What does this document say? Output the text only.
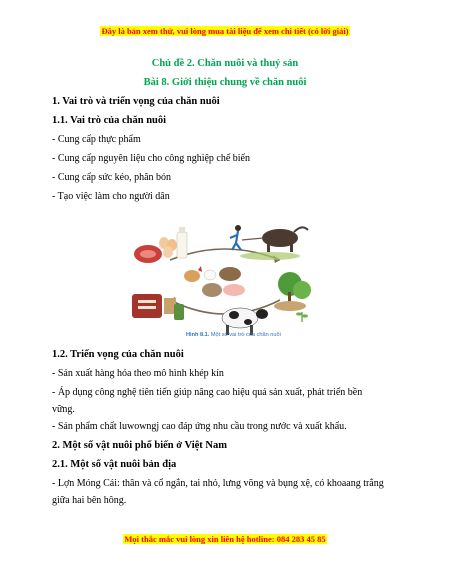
Đây là bản xem thử, vui lòng mua tài liệu để xem chi tiết (có lời giải)
Chủ đề 2. Chăn nuôi và thuỷ sản
Bài 8. Giới thiệu chung về chăn nuôi
1. Vai trò và triển vọng của chăn nuôi
1.1. Vai trò của chăn nuôi
- Cung cấp thực phẩm
- Cung cấp nguyên liệu cho công nghiệp chế biến
- Cung cấp sức kéo, phân bón
- Tạo việc làm cho người dân
Hình 8.1. Một số vai trò của chăn nuôi
1.2. Triển vọng của chăn nuôi
- Sản xuất hàng hóa theo mô hình khép kín
- Áp dụng công nghệ tiên tiến giúp nâng cao hiệu quả sản xuất, phát triển bền
vững.
- Sản phẩm chất luwowngj cao đáp ứng nhu cầu trong nước và xuất khẩu.
2. Một số vật nuôi phổ biến ở Việt Nam
2.1. Một số vật nuôi bản địa
- Lợn Móng Cái: thân và cổ ngắn, tai nhỏ, lưng võng và bụng xệ, có khoaang trắng
giữa hai bên hông.
Mọi thắc mắc vui lòng xin liên hệ hotline: 084 283 45 85
